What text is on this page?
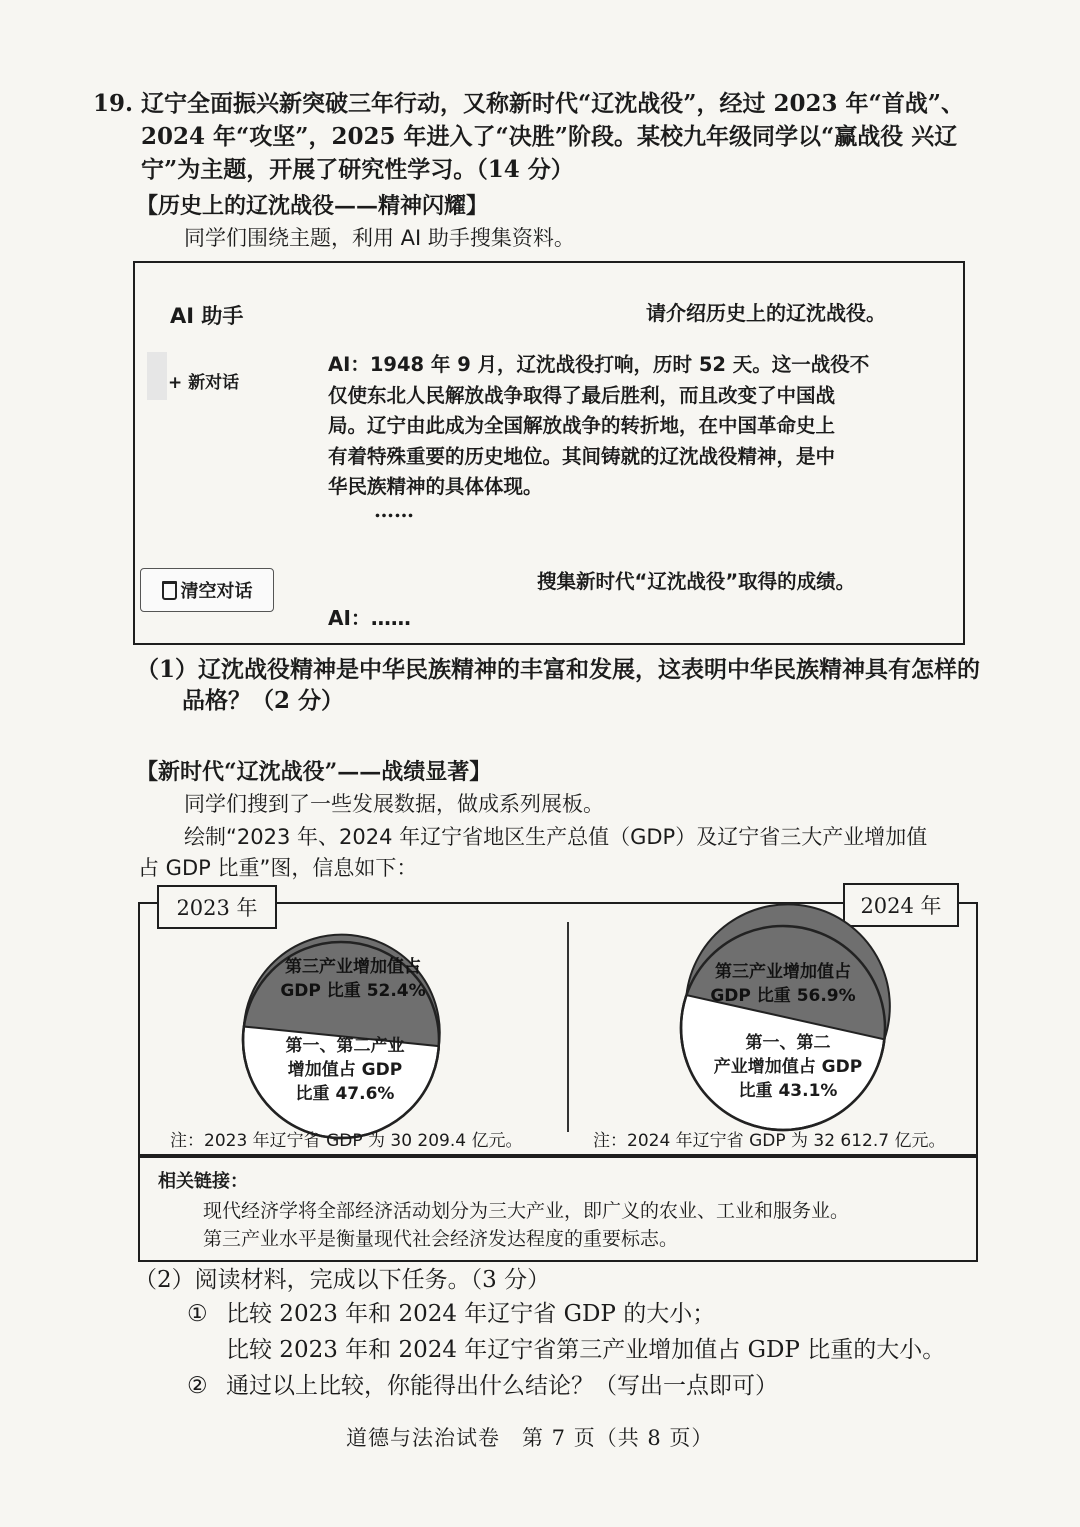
19. 辽宁全面振兴新突破三年行动，又称新时代“辽沈战役”，经过 2023 年“首战”、
2024 年“攻坚”，2025 年进入了“决胜”阶段。某校九年级同学以“赢战役 兴辽
宁”为主题，开展了研究性学习。（14 分）
【历史上的辽沈战役——精神闪耀】
同学们围绕主题，利用 AI 助手搜集资料。
AI 助手
+ 新对话
请介绍历史上的辽沈战役。
AI：1948 年 9 月，辽沈战役打响，历时 52 天。这一战役不
仅使东北人民解放战争取得了最后胜利，而且改变了中国战
局。辽宁由此成为全国解放战争的转折地，在中国革命史上
有着特殊重要的历史地位。其间铸就的辽沈战役精神，是中
华民族精神的具体体现。
……
搜集新时代“辽沈战役”取得的成绩。
AI：……
清空对话
（1）辽沈战役精神是中华民族精神的丰富和发展，这表明中华民族精神具有怎样的
品格？（2 分）
【新时代“辽沈战役”——战绩显著】
同学们搜到了一些发展数据，做成系列展板。
绘制“2023 年、2024 年辽宁省地区生产总值（GDP）及辽宁省三大产业增加值
占 GDP 比重”图，信息如下：
2023 年	2024 年
第三产业增加值占
GDP 比重 52.4%
第一、第二产业
增加值占 GDP
比重 47.6%
注：2023 年辽宁省 GDP 为 30 209.4 亿元。
第三产业增加值占
GDP 比重 56.9%
第一、第二
产业增加值占 GDP
比重 43.1%
注：2024 年辽宁省 GDP 为 32 612.7 亿元。
相关链接：
现代经济学将全部经济活动划分为三大产业，即广义的农业、工业和服务业。
第三产业水平是衡量现代社会经济发达程度的重要标志。
（2）阅读材料，完成以下任务。（3 分）
① 比较 2023 年和 2024 年辽宁省 GDP 的大小；
比较 2023 年和 2024 年辽宁省第三产业增加值占 GDP 比重的大小。
② 通过以上比较，你能得出什么结论？（写出一点即可）
道德与法治试卷　第 7 页（共 8 页）
